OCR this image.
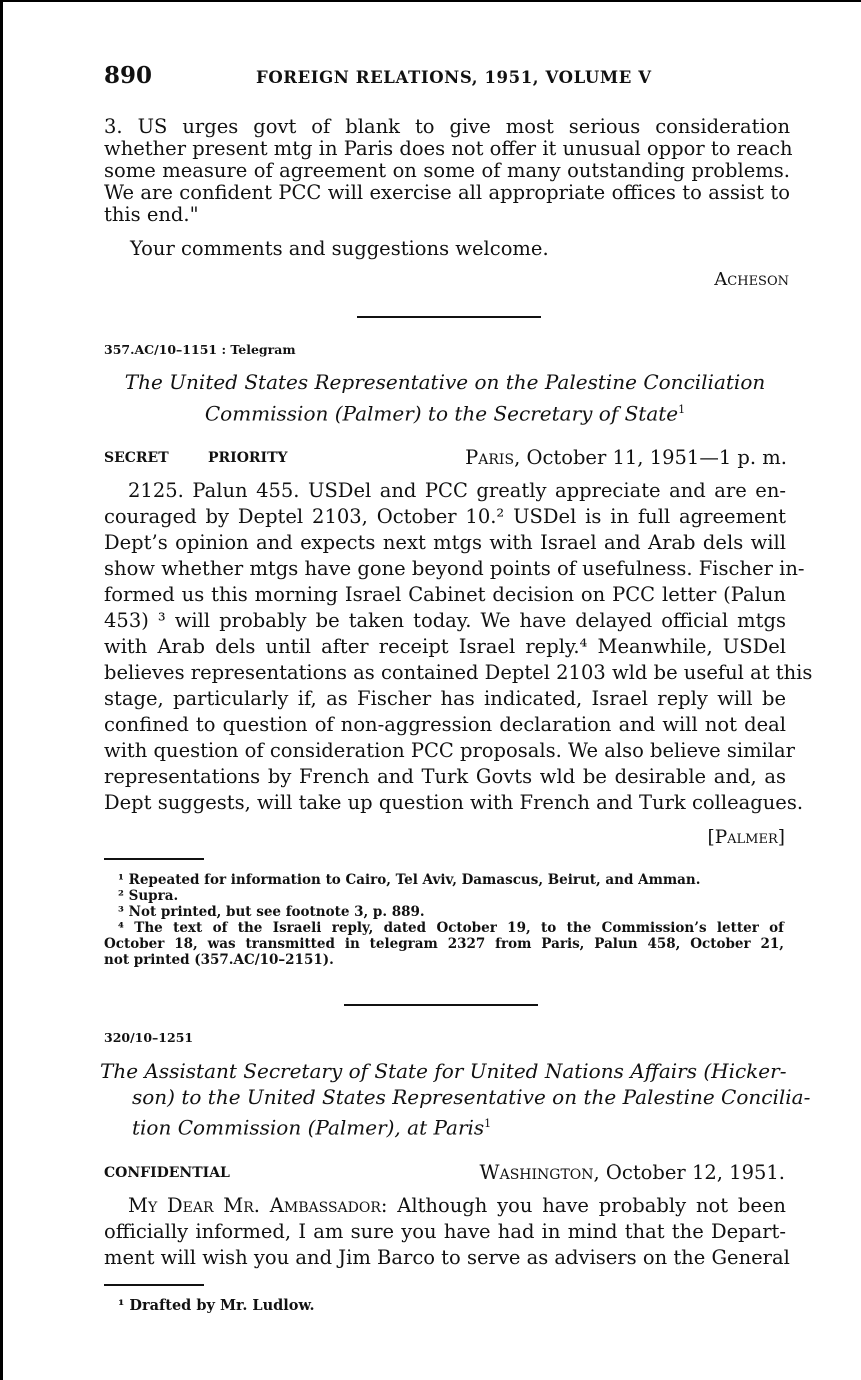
890	FOREIGN RELATIONS, 1951, VOLUME V
3. US urges govt of blank to give most serious consideration
whether present mtg in Paris does not offer it unusual oppor to reach
some measure of agreement on some of many outstanding problems.
We are confident PCC will exercise all appropriate offices to assist to
this end."
Your comments and suggestions welcome.
Acheson
357.AC/10–1151 : Telegram
The United States Representative on the Palestine Conciliation
Commission (Palmer) to the Secretary of State$^1$
SECRET	PRIORITY	Paris, October 11, 1951—1 p. m.
2125. Palun 455. USDel and PCC greatly appreciate and are en-
couraged by Deptel 2103, October 10.² USDel is in full agreement
Dept’s opinion and expects next mtgs with Israel and Arab dels will
show whether mtgs have gone beyond points of usefulness. Fischer in-
formed us this morning Israel Cabinet decision on PCC letter (Palun
453) ³ will probably be taken today. We have delayed official mtgs
with Arab dels until after receipt Israel reply.⁴ Meanwhile, USDel
believes representations as contained Deptel 2103 wld be useful at this
stage, particularly if, as Fischer has indicated, Israel reply will be
confined to question of non-aggression declaration and will not deal
with question of consideration PCC proposals. We also believe similar
representations by French and Turk Govts wld be desirable and, as
Dept suggests, will take up question with French and Turk colleagues.
[Palmer]
¹ Repeated for information to Cairo, Tel Aviv, Damascus, Beirut, and Amman.
² Supra.
³ Not printed, but see footnote 3, p. 889.
⁴ The text of the Israeli reply, dated October 19, to the Commission’s letter of
October 18, was transmitted in telegram 2327 from Paris, Palun 458, October 21,
not printed (357.AC/10–2151).
320/10–1251
The Assistant Secretary of State for United Nations Affairs (Hicker-
son) to the United States Representative on the Palestine Concilia-
tion Commission (Palmer), at Paris$^1$
CONFIDENTIAL	Washington, October 12, 1951.
My Dear Mr. Ambassador: Although you have probably not been
officially informed, I am sure you have had in mind that the Depart-
ment will wish you and Jim Barco to serve as advisers on the General
¹ Drafted by Mr. Ludlow.
